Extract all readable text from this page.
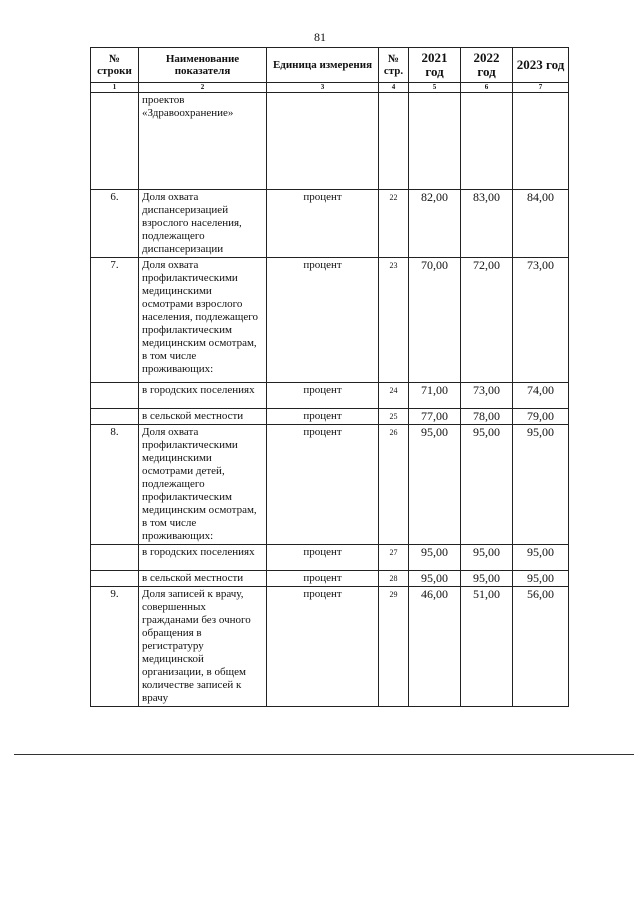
81
№ строки	Наименование показателя	Единица измерения	№ стр.	2021 год	2022 год	2023 год
1	2	3	4	5	6	7
	проектов «Здравоохранение»					
6.	Доля охвата диспансеризацией взрослого населения, подлежащего диспансеризации	процент	22	82,00	83,00	84,00
7.	Доля охвата профилактическими медицинскими осмотрами взрослого населения, подлежащего профилактическим медицинским осмотрам, в том числе проживающих:	процент	23	70,00	72,00	73,00
	в городских поселениях	процент	24	71,00	73,00	74,00
	в сельской местности	процент	25	77,00	78,00	79,00
8.	Доля охвата профилактическими медицинскими осмотрами детей, подлежащего профилактическим медицинским осмотрам, в том числе проживающих:	процент	26	95,00	95,00	95,00
	в городских поселениях	процент	27	95,00	95,00	95,00
	в сельской местности	процент	28	95,00	95,00	95,00
9.	Доля записей к врачу, совершенных гражданами без очного обращения в регистратуру медицинской организации, в общем количестве записей к врачу	процент	29	46,00	51,00	56,00
